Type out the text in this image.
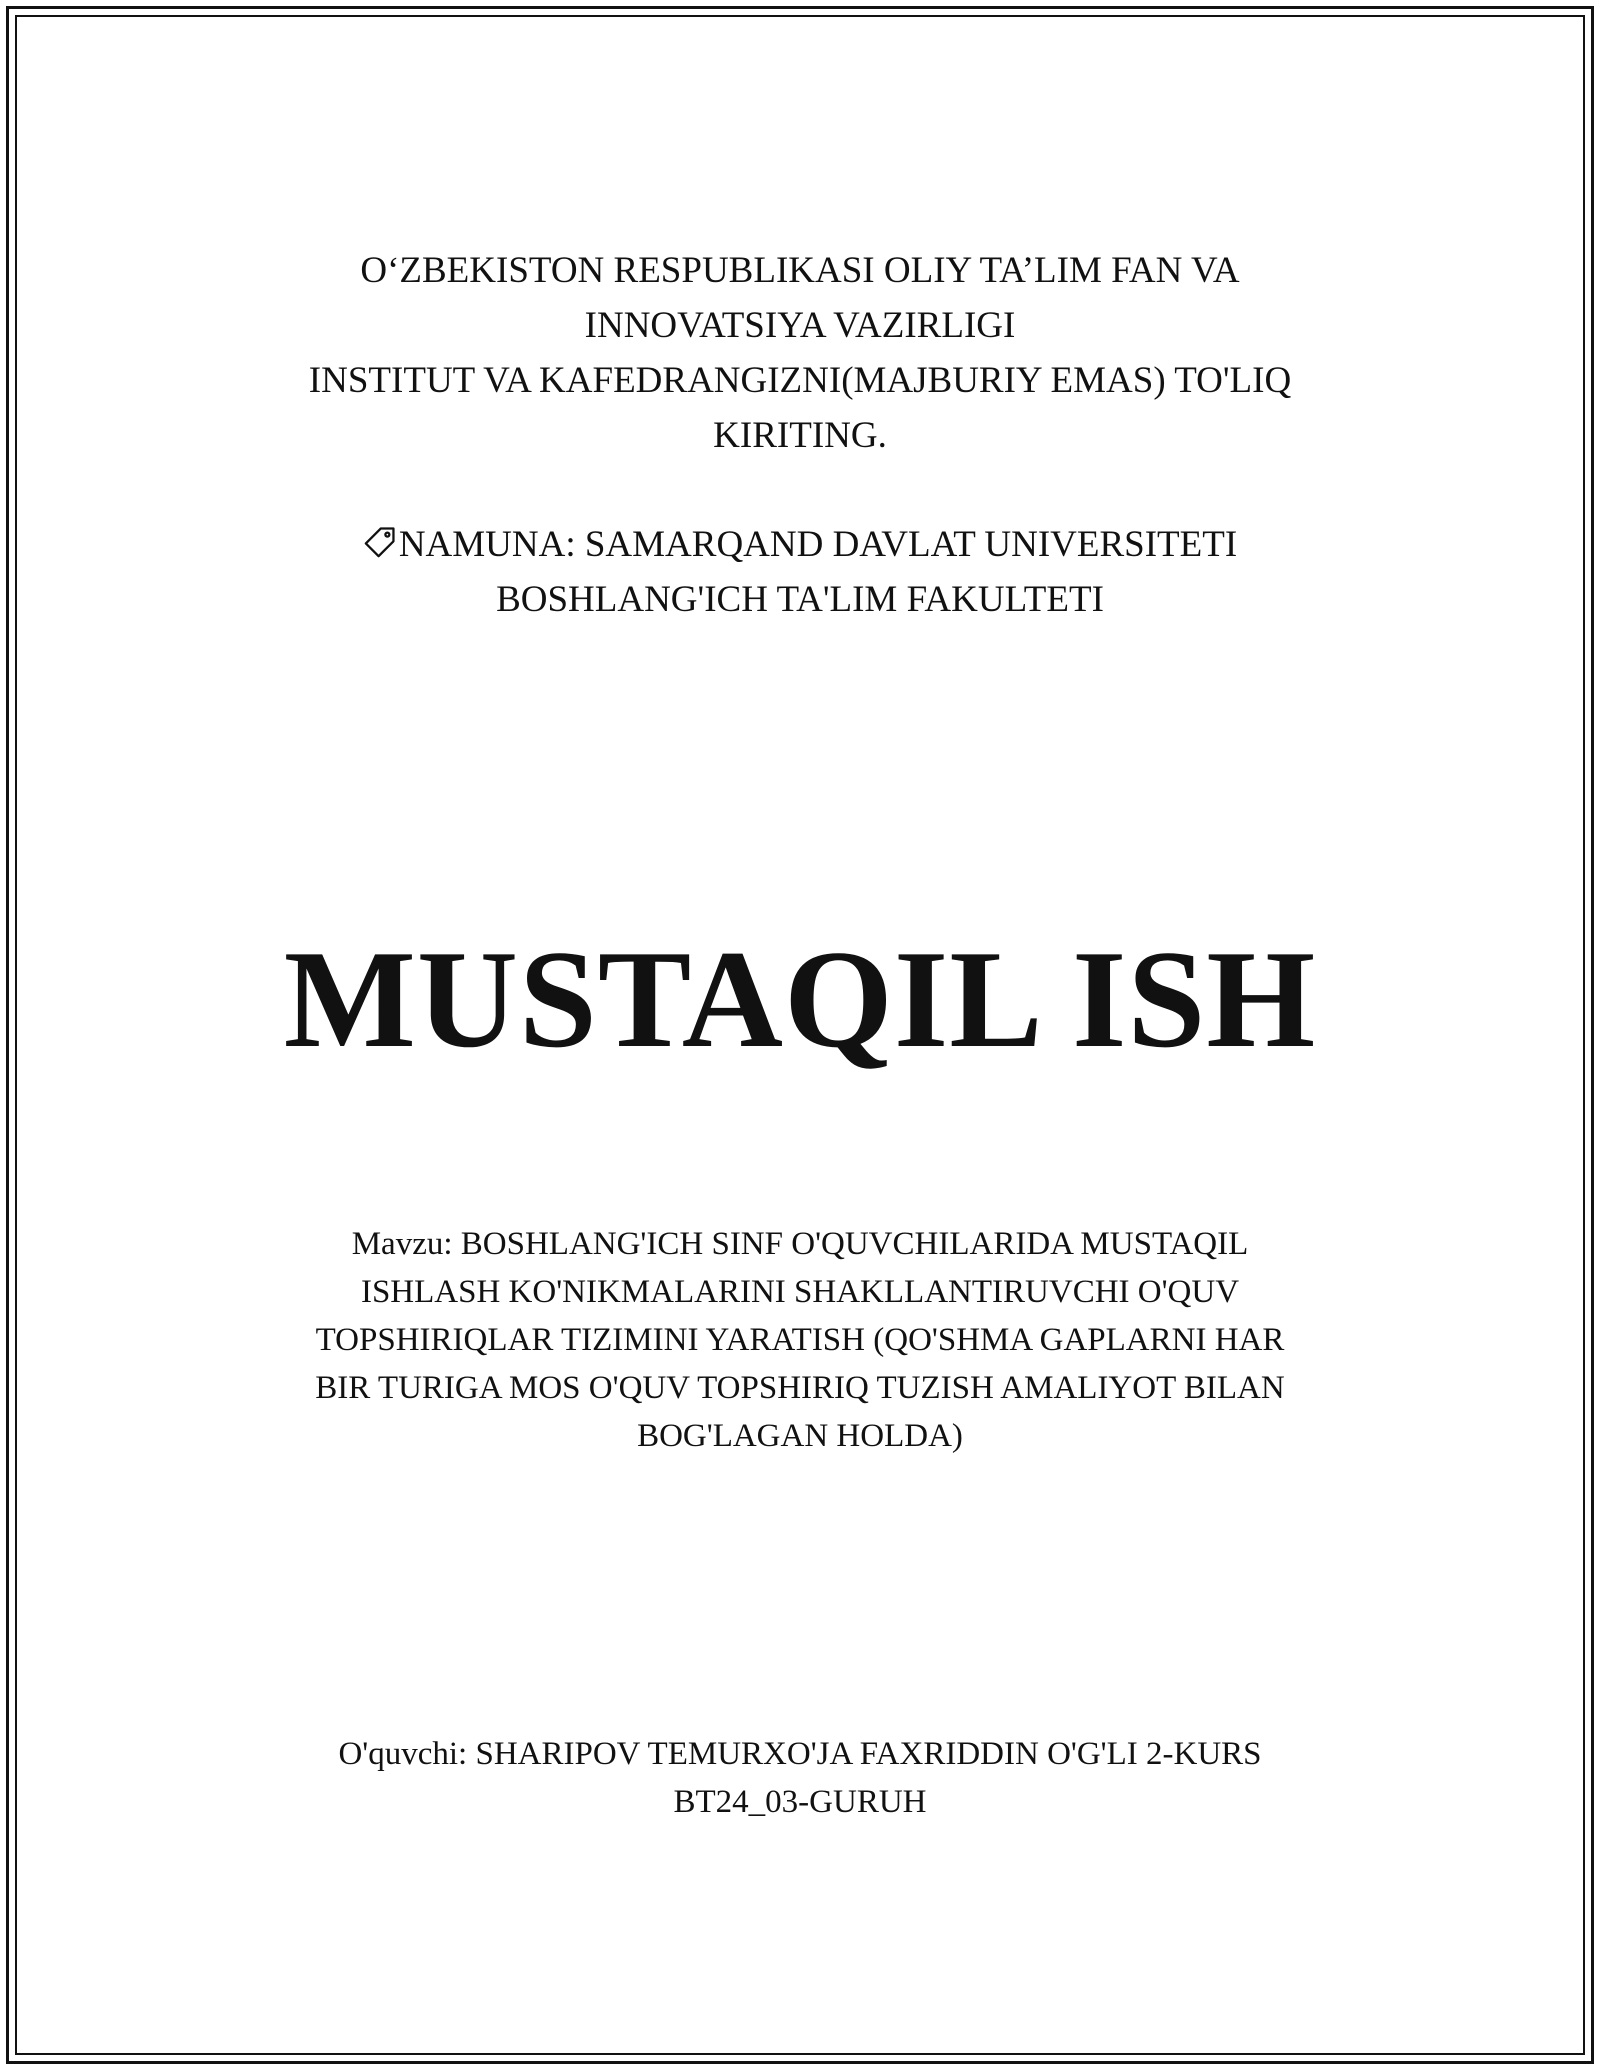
O‘ZBEKISTON RESPUBLIKASI OLIY TA’LIM FAN VA
INNOVATSIYA VAZIRLIGI
INSTITUT VA KAFEDRANGIZNI(MAJBURIY EMAS) TO'LIQ
KIRITING.
NAMUNA: SAMARQAND DAVLAT UNIVERSITETI
BOSHLANG'ICH TA'LIM FAKULTETI
MUSTAQIL ISH
Mavzu: BOSHLANG'ICH SINF O'QUVCHILARIDA MUSTAQIL
ISHLASH KO'NIKMALARINI SHAKLLANTIRUVCHI O'QUV
TOPSHIRIQLAR TIZIMINI YARATISH (QO'SHMA GAPLARNI HAR
BIR TURIGA MOS O'QUV TOPSHIRIQ TUZISH AMALIYOT BILAN
BOG'LAGAN HOLDA)
O'quvchi: SHARIPOV TEMURXO'JA FAXRIDDIN O'G'LI 2-KURS
BT24_03-GURUH
